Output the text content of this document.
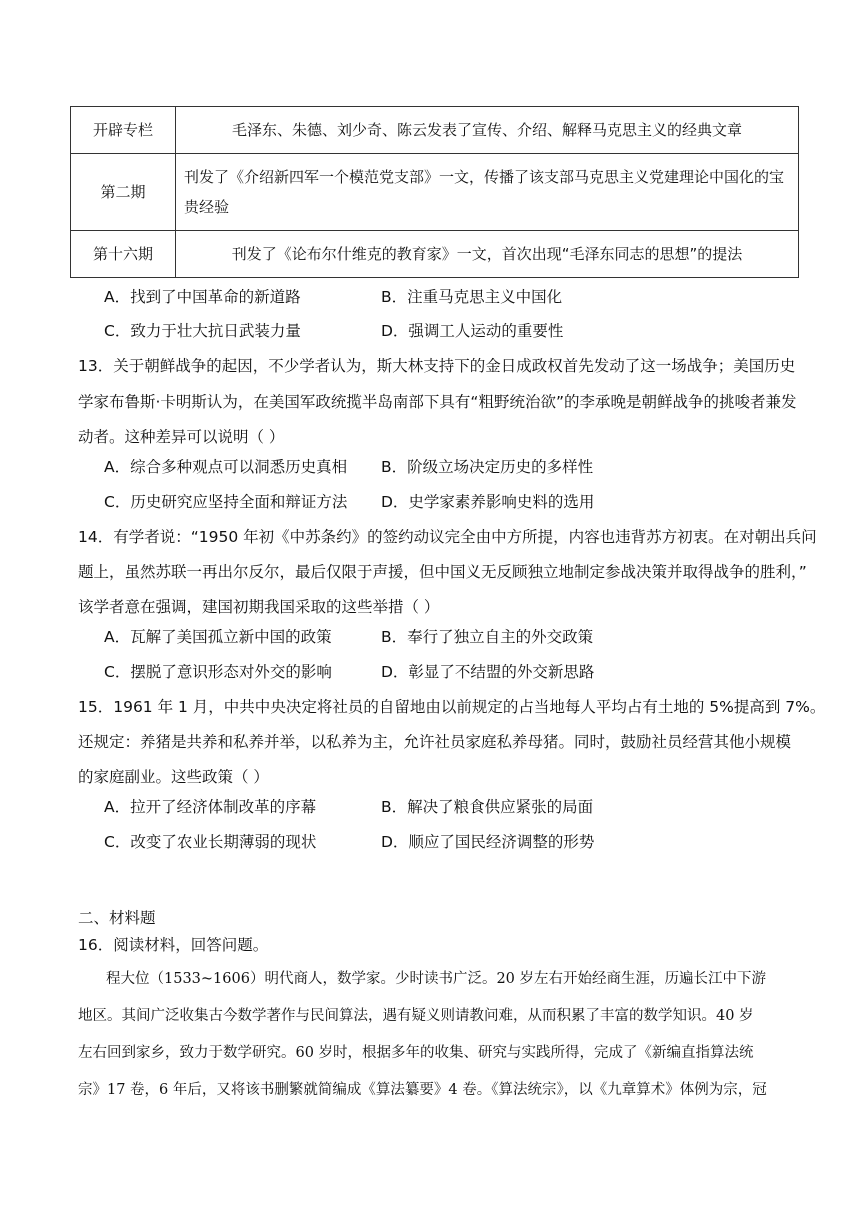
开辟专栏	毛泽东、朱德、刘少奇、陈云发表了宣传、介绍、解释马克思主义的经典文章
第二期	刊发了《介绍新四军一个模范党支部》一文，传播了该支部马克思主义党建理论中国化的宝贵经验
第十六期	刊发了《论布尔什维克的教育家》一文，首次出现“毛泽东同志的思想”的提法
A．找到了中国革命的新道路	B．注重马克思主义中国化
C．致力于壮大抗日武装力量	D．强调工人运动的重要性
13．关于朝鲜战争的起因，不少学者认为，斯大林支持下的金日成政权首先发动了这一场战争；美国历史
学家布鲁斯·卡明斯认为，在美国军政统揽半岛南部下具有“粗野统治欲”的李承晚是朝鲜战争的挑唆者兼发
动者。这种差异可以说明（ ）
A．综合多种观点可以洞悉历史真相 B．阶级立场决定历史的多样性
C．历史研究应坚持全面和辩证方法 D．史学家素养影响史料的选用
14．有学者说：“1950 年初《中苏条约》的签约动议完全由中方所提，内容也违背苏方初衷。在对朝出兵问
题上，虽然苏联一再出尔反尔，最后仅限于声援，但中国义无反顾独立地制定参战决策并取得战争的胜利，”
该学者意在强调，建国初期我国采取的这些举措（ ）
A．瓦解了美国孤立新中国的政策	B．奉行了独立自主的外交政策
C．摆脱了意识形态对外交的影响	D．彰显了不结盟的外交新思路
15．1961 年 1 月，中共中央决定将社员的自留地由以前规定的占当地每人平均占有土地的 5%提高到 7%。
还规定：养猪是共养和私养并举，以私养为主，允许社员家庭私养母猪。同时，鼓励社员经营其他小规模
的家庭副业。这些政策（ ）
A．拉开了经济体制改革的序幕	B．解决了粮食供应紧张的局面
C．改变了农业长期薄弱的现状	D．顺应了国民经济调整的形势
二、材料题
16．阅读材料，回答问题。
程大位（1533~1606）明代商人，数学家。少时读书广泛。20 岁左右开始经商生涯，历遍长江中下游
地区。其间广泛收集古今数学著作与民间算法，遇有疑义则请教问难，从而积累了丰富的数学知识。40 岁
左右回到家乡，致力于数学研究。60 岁时，根据多年的收集、研究与实践所得，完成了《新编直指算法统
宗》17 卷，6 年后，又将该书删繁就简编成《算法纂要》4 卷。《算法统宗》，以《九章算术》体例为宗，冠
